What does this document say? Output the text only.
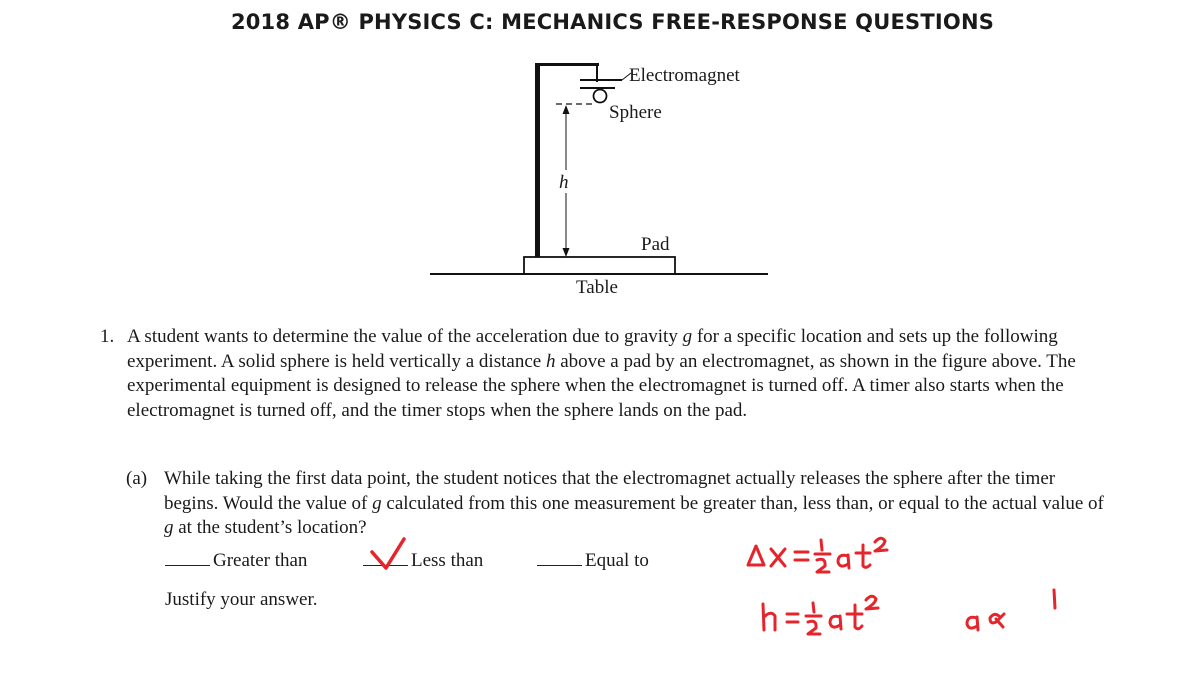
2018 AP® PHYSICS C: MECHANICS FREE-RESPONSE QUESTIONS
Electromagnet
Sphere
h
Pad
Table
1. A student wants to determine the value of the acceleration due to gravity g for a specific location and sets up the following experiment. A solid sphere is held vertically a distance h above a pad by an electromagnet, as shown in the figure above. The experimental equipment is designed to release the sphere when the electromagnet is turned off. A timer also starts when the electromagnet is turned off, and the timer stops when the sphere lands on the pad.
(a) While taking the first data point, the student notices that the electromagnet actually releases the sphere after the timer begins. Would the value of g calculated from this one measurement be greater than, less than, or equal to the actual value of g at the student’s location?
Greater than	Less than	Equal to
Justify your answer.
